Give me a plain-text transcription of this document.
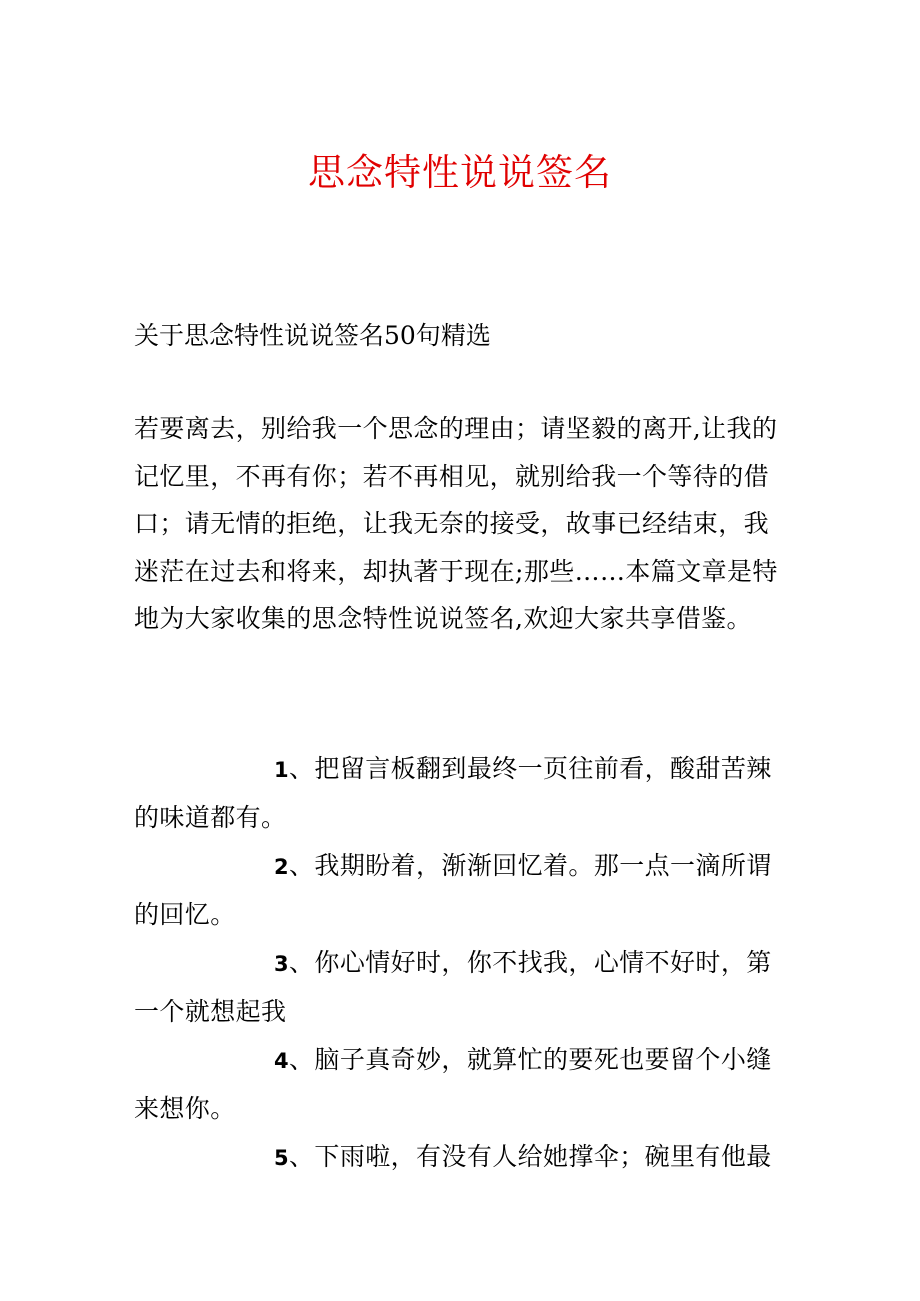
思念特性说说签名
关于思念特性说说签名50句精选
若要离去，别给我一个思念的理由；请坚毅的离开,让我的记忆里，不再有你；若不再相见，就别给我一个等待的借口；请无情的拒绝，让我无奈的接受，故事已经结束，我迷茫在过去和将来，却执著于现在;那些……本篇文章是特地为大家收集的思念特性说说签名,欢迎大家共享借鉴。
1、把留言板翻到最终一页往前看，酸甜苦辣的味道都有。
2、我期盼着，渐渐回忆着。那一点一滴所谓的回忆。
3、你心情好时，你不找我，心情不好时，第一个就想起我
4、脑子真奇妙，就算忙的要死也要留个小缝来想你。
5、下雨啦，有没有人给她撑伞；碗里有他最
